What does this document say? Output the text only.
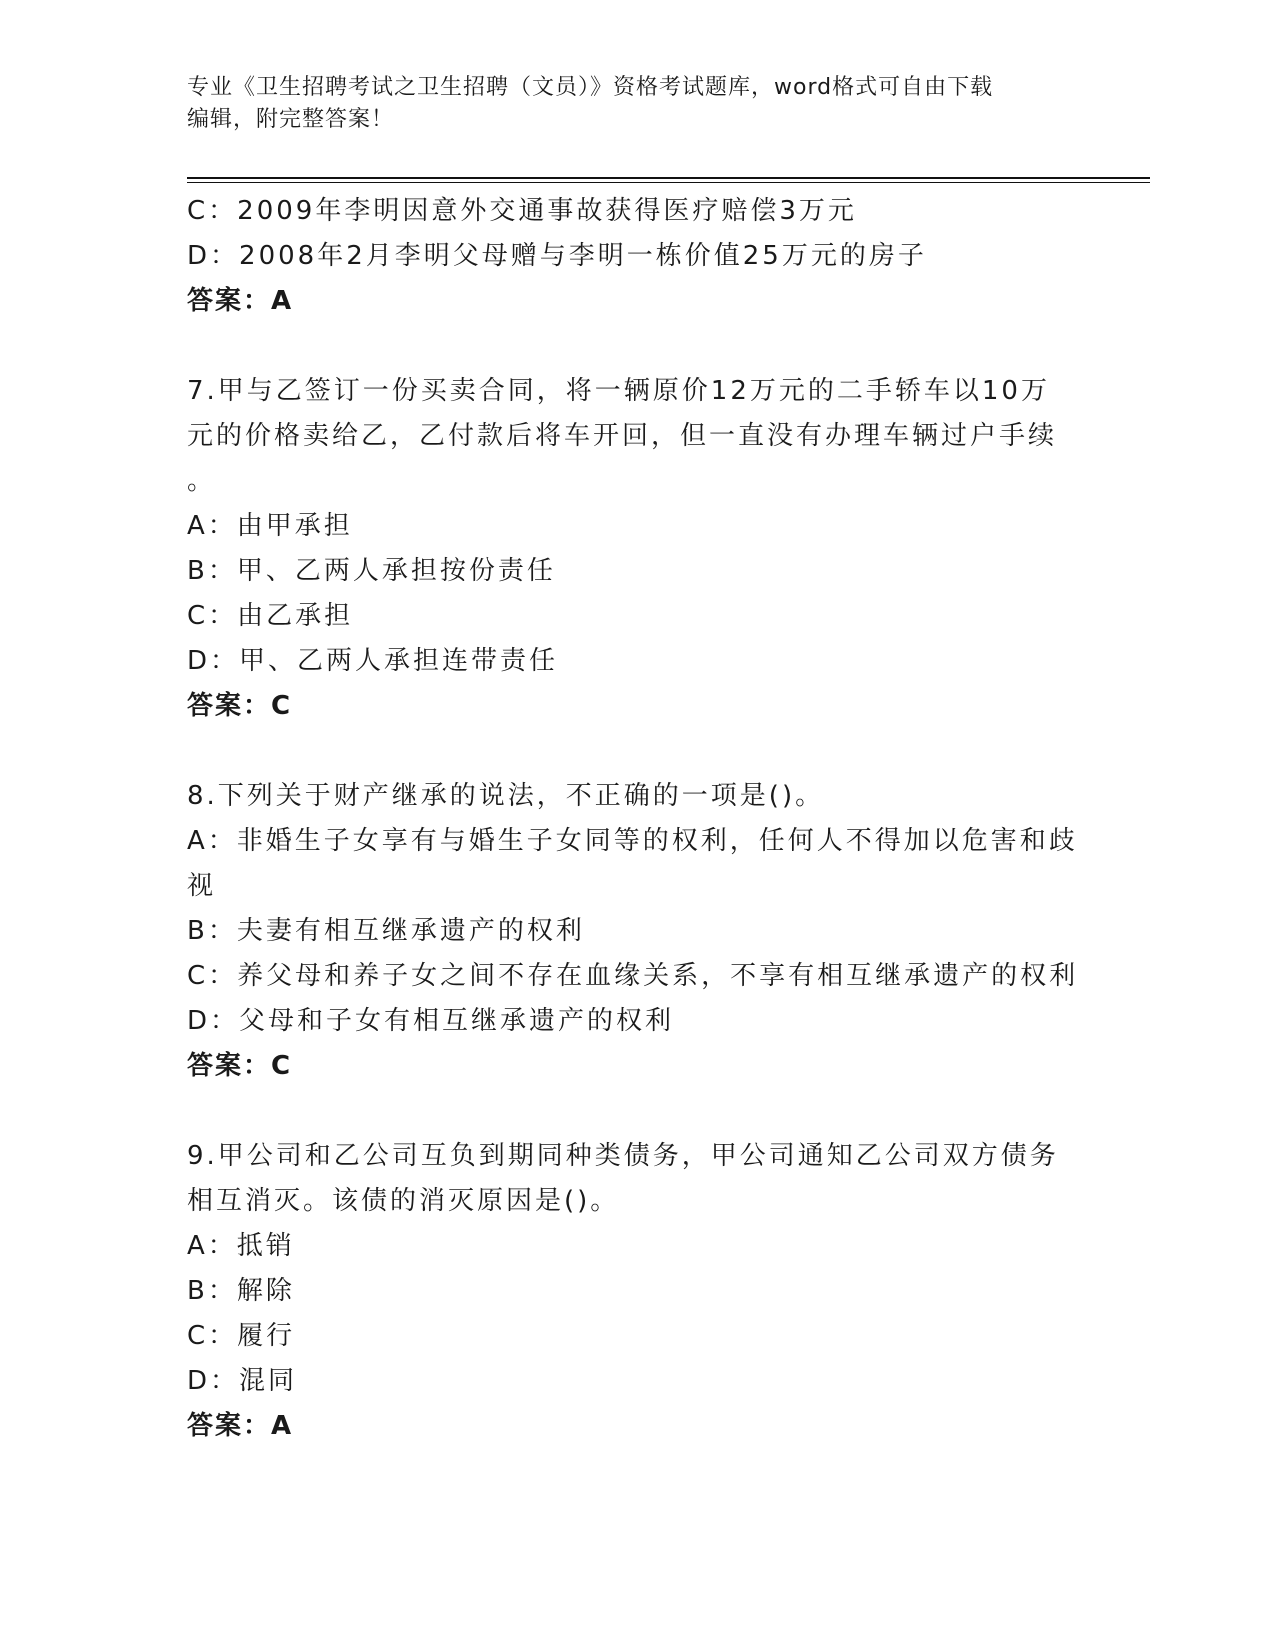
专业《卫生招聘考试之卫生招聘（文员）》资格考试题库，word格式可自由下载
编辑，附完整答案！
C：2009年李明因意外交通事故获得医疗赔偿3万元
D：2008年2月李明父母赠与李明一栋价值25万元的房子
答案：A
7.甲与乙签订一份买卖合同，将一辆原价12万元的二手轿车以10万
元的价格卖给乙，乙付款后将车开回，但一直没有办理车辆过户手续
。
A：由甲承担
B：甲、乙两人承担按份责任
C：由乙承担
D：甲、乙两人承担连带责任
答案：C
8.下列关于财产继承的说法，不正确的一项是()。
A：非婚生子女享有与婚生子女同等的权利，任何人不得加以危害和歧
视
B：夫妻有相互继承遗产的权利
C：养父母和养子女之间不存在血缘关系，不享有相互继承遗产的权利
D：父母和子女有相互继承遗产的权利
答案：C
9.甲公司和乙公司互负到期同种类债务，甲公司通知乙公司双方债务
相互消灭。该债的消灭原因是()。
A：抵销
B：解除
C：履行
D：混同
答案：A
